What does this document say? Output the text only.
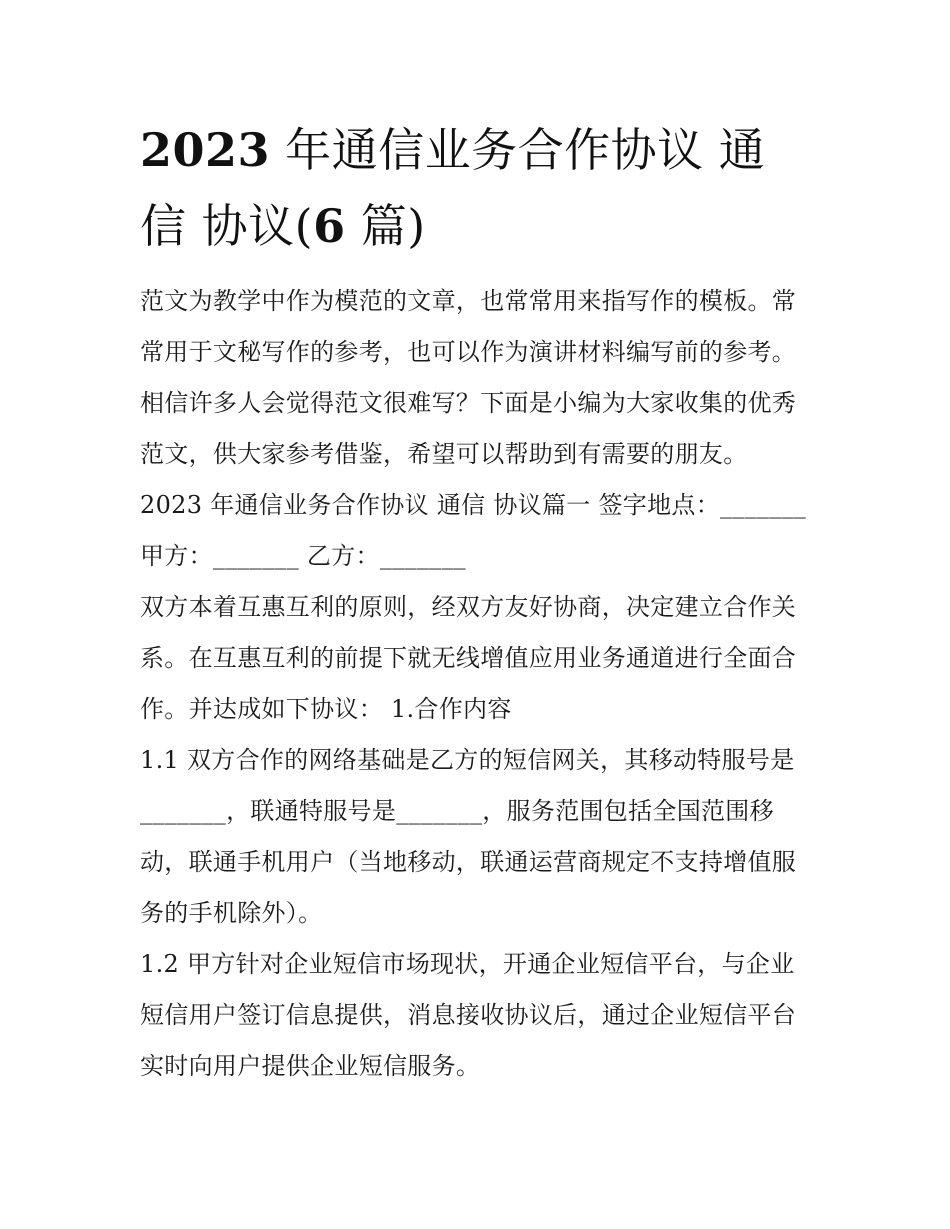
2023 年通信业务合作协议 通
信 协议(6 篇)

范文为教学中作为模范的文章，也常常用来指写作的模板。常
常用于文秘写作的参考，也可以作为演讲材料编写前的参考。
相信许多人会觉得范文很难写？下面是小编为大家收集的优秀
范文，供大家参考借鉴，希望可以帮助到有需要的朋友。

2023 年通信业务合作协议 通信 协议篇一 签字地点：_______
甲方：_______ 乙方：_______

双方本着互惠互利的原则，经双方友好协商，决定建立合作关
系。在互惠互利的前提下就无线增值应用业务通道进行全面合
作。并达成如下协议： 1.合作内容

1.1 双方合作的网络基础是乙方的短信网关，其移动特服号是
_______，联通特服号是_______，服务范围包括全国范围移
动，联通手机用户（当地移动，联通运营商规定不支持增值服
务的手机除外）。

1.2 甲方针对企业短信市场现状，开通企业短信平台，与企业
短信用户签订信息提供，消息接收协议后，通过企业短信平台
实时向用户提供企业短信服务。
